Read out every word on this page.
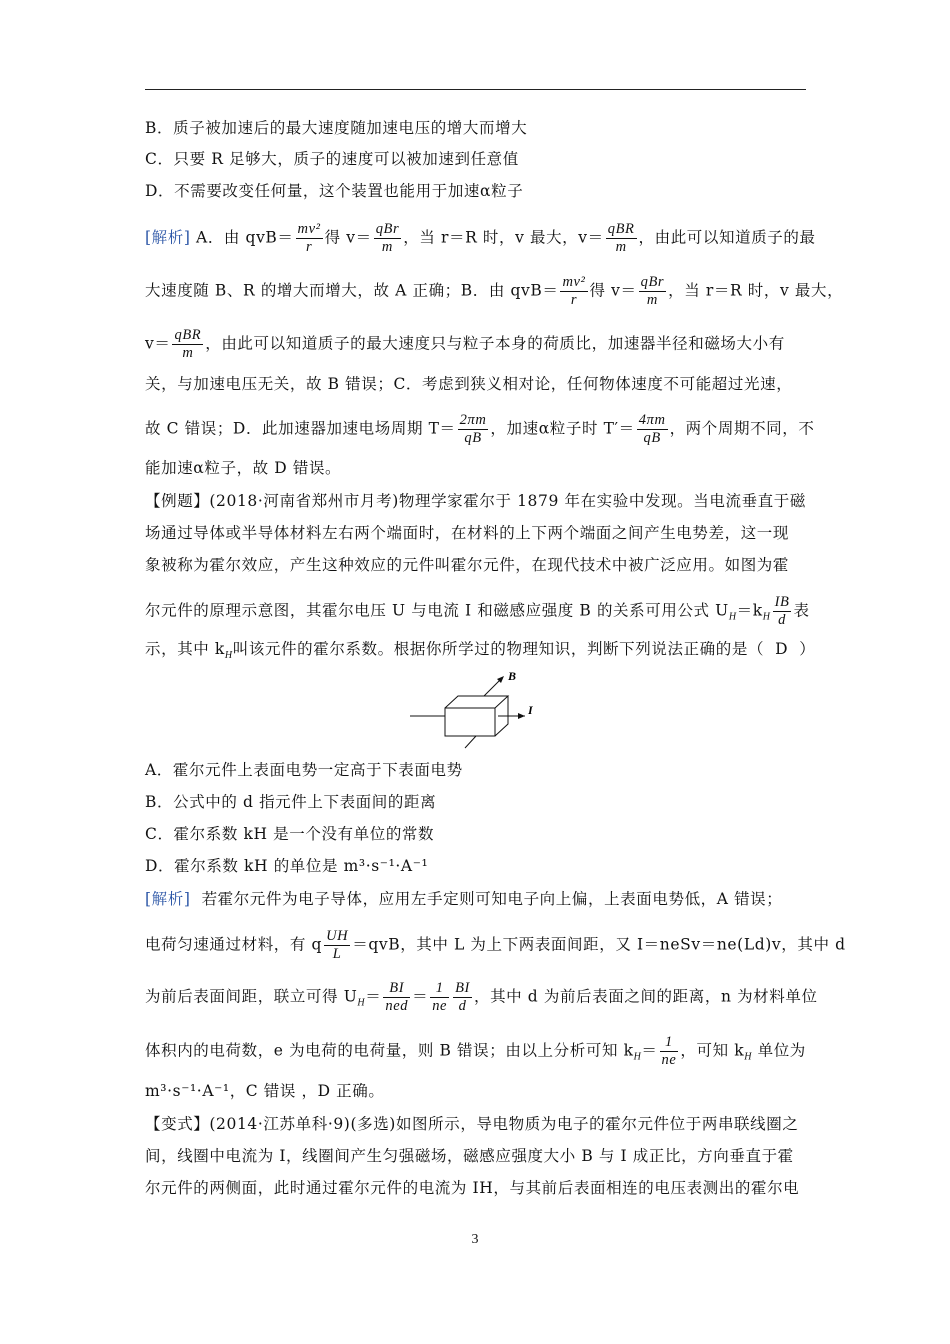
B．质子被加速后的最大速度随加速电压的增大而增大
C．只要 R 足够大，质子的速度可以被加速到任意值
D．不需要改变任何量，这个装置也能用于加速α粒子
[解析] A．由 $qvB= \frac{\text{mv²}}{r}$ 得 $v= \frac{\text{qBr}}{m}$ ，当 r＝R 时，v 最大，$v= \frac{\text{qBR}}{m}$ ，由此可以知道质子的最
大速度随 B、R 的增大而增大，故 A 正确；B．由 $qvB= \frac{\text{mv²}}{r}$ 得 $v= \frac{\text{qBr}}{m}$ ，当 r＝R 时，v 最大，
$v= \frac{\text{qBR}}{m}$ ，由此可以知道质子的最大速度只与粒子本身的荷质比，加速器半径和磁场大小有
关，与加速电压无关，故 B 错误；C．考虑到狭义相对论，任何物体速度不可能超过光速，
故 C 错误；D．此加速器加速电场周期 $T= \frac{2\pi m}{qB}$ ，加速α粒子时 $T'= \frac{4\pi m}{qB}$ ，两个周期不同，不
能加速α粒子，故 D 错误。
【例题】(2018·河南省郑州市月考)物理学家霍尔于 1879 年在实验中发现。当电流垂直于磁
场通过导体或半导体材料左右两个端面时，在材料的上下两个端面之间产生电势差，这一现
象被称为霍尔效应，产生这种效应的元件叫霍尔元件，在现代技术中被广泛应用。如图为霍
尔元件的原理示意图，其霍尔电压 U 与电流 I 和磁感应强度 B 的关系可用公式 $U_H=k_H \frac{IB}{d}$ 表
示，其中 $k_H$叫该元件的霍尔系数。根据你所学过的物理知识，判断下列说法正确的是（ D ）
B
I
A．霍尔元件上表面电势一定高于下表面电势
B．公式中的 d 指元件上下表面间的距离
C．霍尔系数 kH 是一个没有单位的常数
D．霍尔系数 kH 的单位是 m³·s⁻¹·A⁻¹
[解析] 若霍尔元件为电子导体，应用左手定则可知电子向上偏，上表面电势低，A 错误；
电荷匀速通过材料，有 q $\frac{UH}{L} =qvB$，其中 L 为上下两表面间距，又 I＝neSv＝ne(Ld)v，其中 d
为前后表面间距，联立可得 $U_H= \frac{BI}{\text{ned}} = \frac{1}{ne} \frac{BI}{d}$ ，其中 d 为前后表面之间的距离，n 为材料单位
体积内的电荷数，e 为电荷的电荷量，则 B 错误；由以上分析可知 $k_H= \frac{1}{ne}$ ，可知 $k_H$ 单位为
m³·s⁻¹·A⁻¹，C 错误 ，D 正确。
【变式】(2014·江苏单科·9)(多选)如图所示，导电物质为电子的霍尔元件位于两串联线圈之
间，线圈中电流为 I，线圈间产生匀强磁场，磁感应强度大小 B 与 I 成正比，方向垂直于霍
尔元件的两侧面，此时通过霍尔元件的电流为 IH，与其前后表面相连的电压表测出的霍尔电
3
